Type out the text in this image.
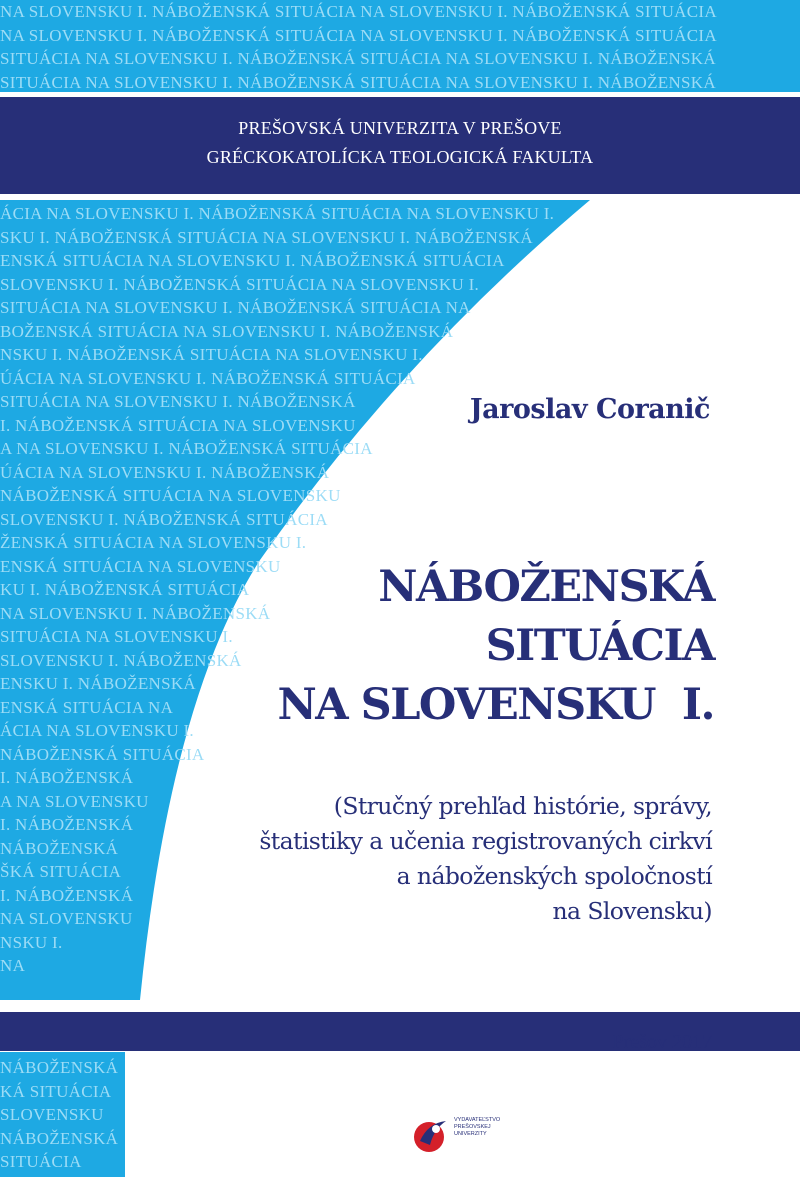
NA SLOVENSKU I. NÁBOŽENSKÁ SITUÁCIA NA SLOVENSKU I. NÁBOŽENSKÁ SITUÁCIA
NA SLOVENSKU I. NÁBOŽENSKÁ SITUÁCIA NA SLOVENSKU I. NÁBOŽENSKÁ SITUÁCIA
SITUÁCIA NA SLOVENSKU I. NÁBOŽENSKÁ SITUÁCIA NA SLOVENSKU I. NÁBOŽENSKÁ
SITUÁCIA NA SLOVENSKU I. NÁBOŽENSKÁ SITUÁCIA NA SLOVENSKU I. NÁBOŽENSKÁ
ÁCIA NA SLOVENSKU I. NÁBOŽENSKÁ SITUÁCIA NA SLOVENSKU I.
SKU I. NÁBOŽENSKÁ SITUÁCIA NA SLOVENSKU I. NÁBOŽENSKÁ
ENSKÁ SITUÁCIA NA SLOVENSKU I. NÁBOŽENSKÁ SITUÁCIA
SLOVENSKU I. NÁBOŽENSKÁ SITUÁCIA NA SLOVENSKU I.
SITUÁCIA NA SLOVENSKU I. NÁBOŽENSKÁ SITUÁCIA NA
BOŽENSKÁ SITUÁCIA NA SLOVENSKU I. NÁBOŽENSKÁ
NSKU I. NÁBOŽENSKÁ SITUÁCIA NA SLOVENSKU I.
ÚÁCIA NA SLOVENSKU I. NÁBOŽENSKÁ SITUÁCIA
SITUÁCIA NA SLOVENSKU I. NÁBOŽENSKÁ
I. NÁBOŽENSKÁ SITUÁCIA NA SLOVENSKU
A NA SLOVENSKU I. NÁBOŽENSKÁ SITUÁCIA
ÚÁCIA NA SLOVENSKU I. NÁBOŽENSKÁ
NÁBOŽENSKÁ SITUÁCIA NA SLOVENSKU
SLOVENSKU I. NÁBOŽENSKÁ SITUÁCIA
ŽENSKÁ SITUÁCIA NA SLOVENSKU I.
ENSKÁ SITUÁCIA NA SLOVENSKU
KU I. NÁBOŽENSKÁ SITUÁCIA
NA SLOVENSKU I. NÁBOŽENSKÁ
SITUÁCIA NA SLOVENSKU I.
SLOVENSKU I. NÁBOŽENSKÁ
ENSKU I. NÁBOŽENSKÁ
ENSKÁ SITUÁCIA NA
ÁCIA NA SLOVENSKU I.
NÁBOŽENSKÁ SITUÁCIA
I. NÁBOŽENSKÁ
A NA SLOVENSKU
I. NÁBOŽENSKÁ
NÁBOŽENSKÁ
ŠKÁ SITUÁCIA
I. NÁBOŽENSKÁ
NA SLOVENSKU
NSKU I.
NA
NÁBOŽENSKÁ
KÁ SITUÁCIA
SLOVENSKU
NÁBOŽENSKÁ
SITUÁCIA
PREŠOVSKÁ UNIVERZITA V PREŠOVE
GRÉCKOKATOLÍCKA TEOLOGICKÁ FAKULTA
Jaroslav Coranič
NÁBOŽENSKÁ
SITUÁCIA
NA SLOVENSKU  I.
(Stručný prehľad histórie, správy,
štatistiky a učenia registrovaných cirkví
a náboženských spoločností
na Slovensku)
Prešov 2017
VYDAVATEĽSTVO
PREŠOVSKEJ
UNIVERZITY
